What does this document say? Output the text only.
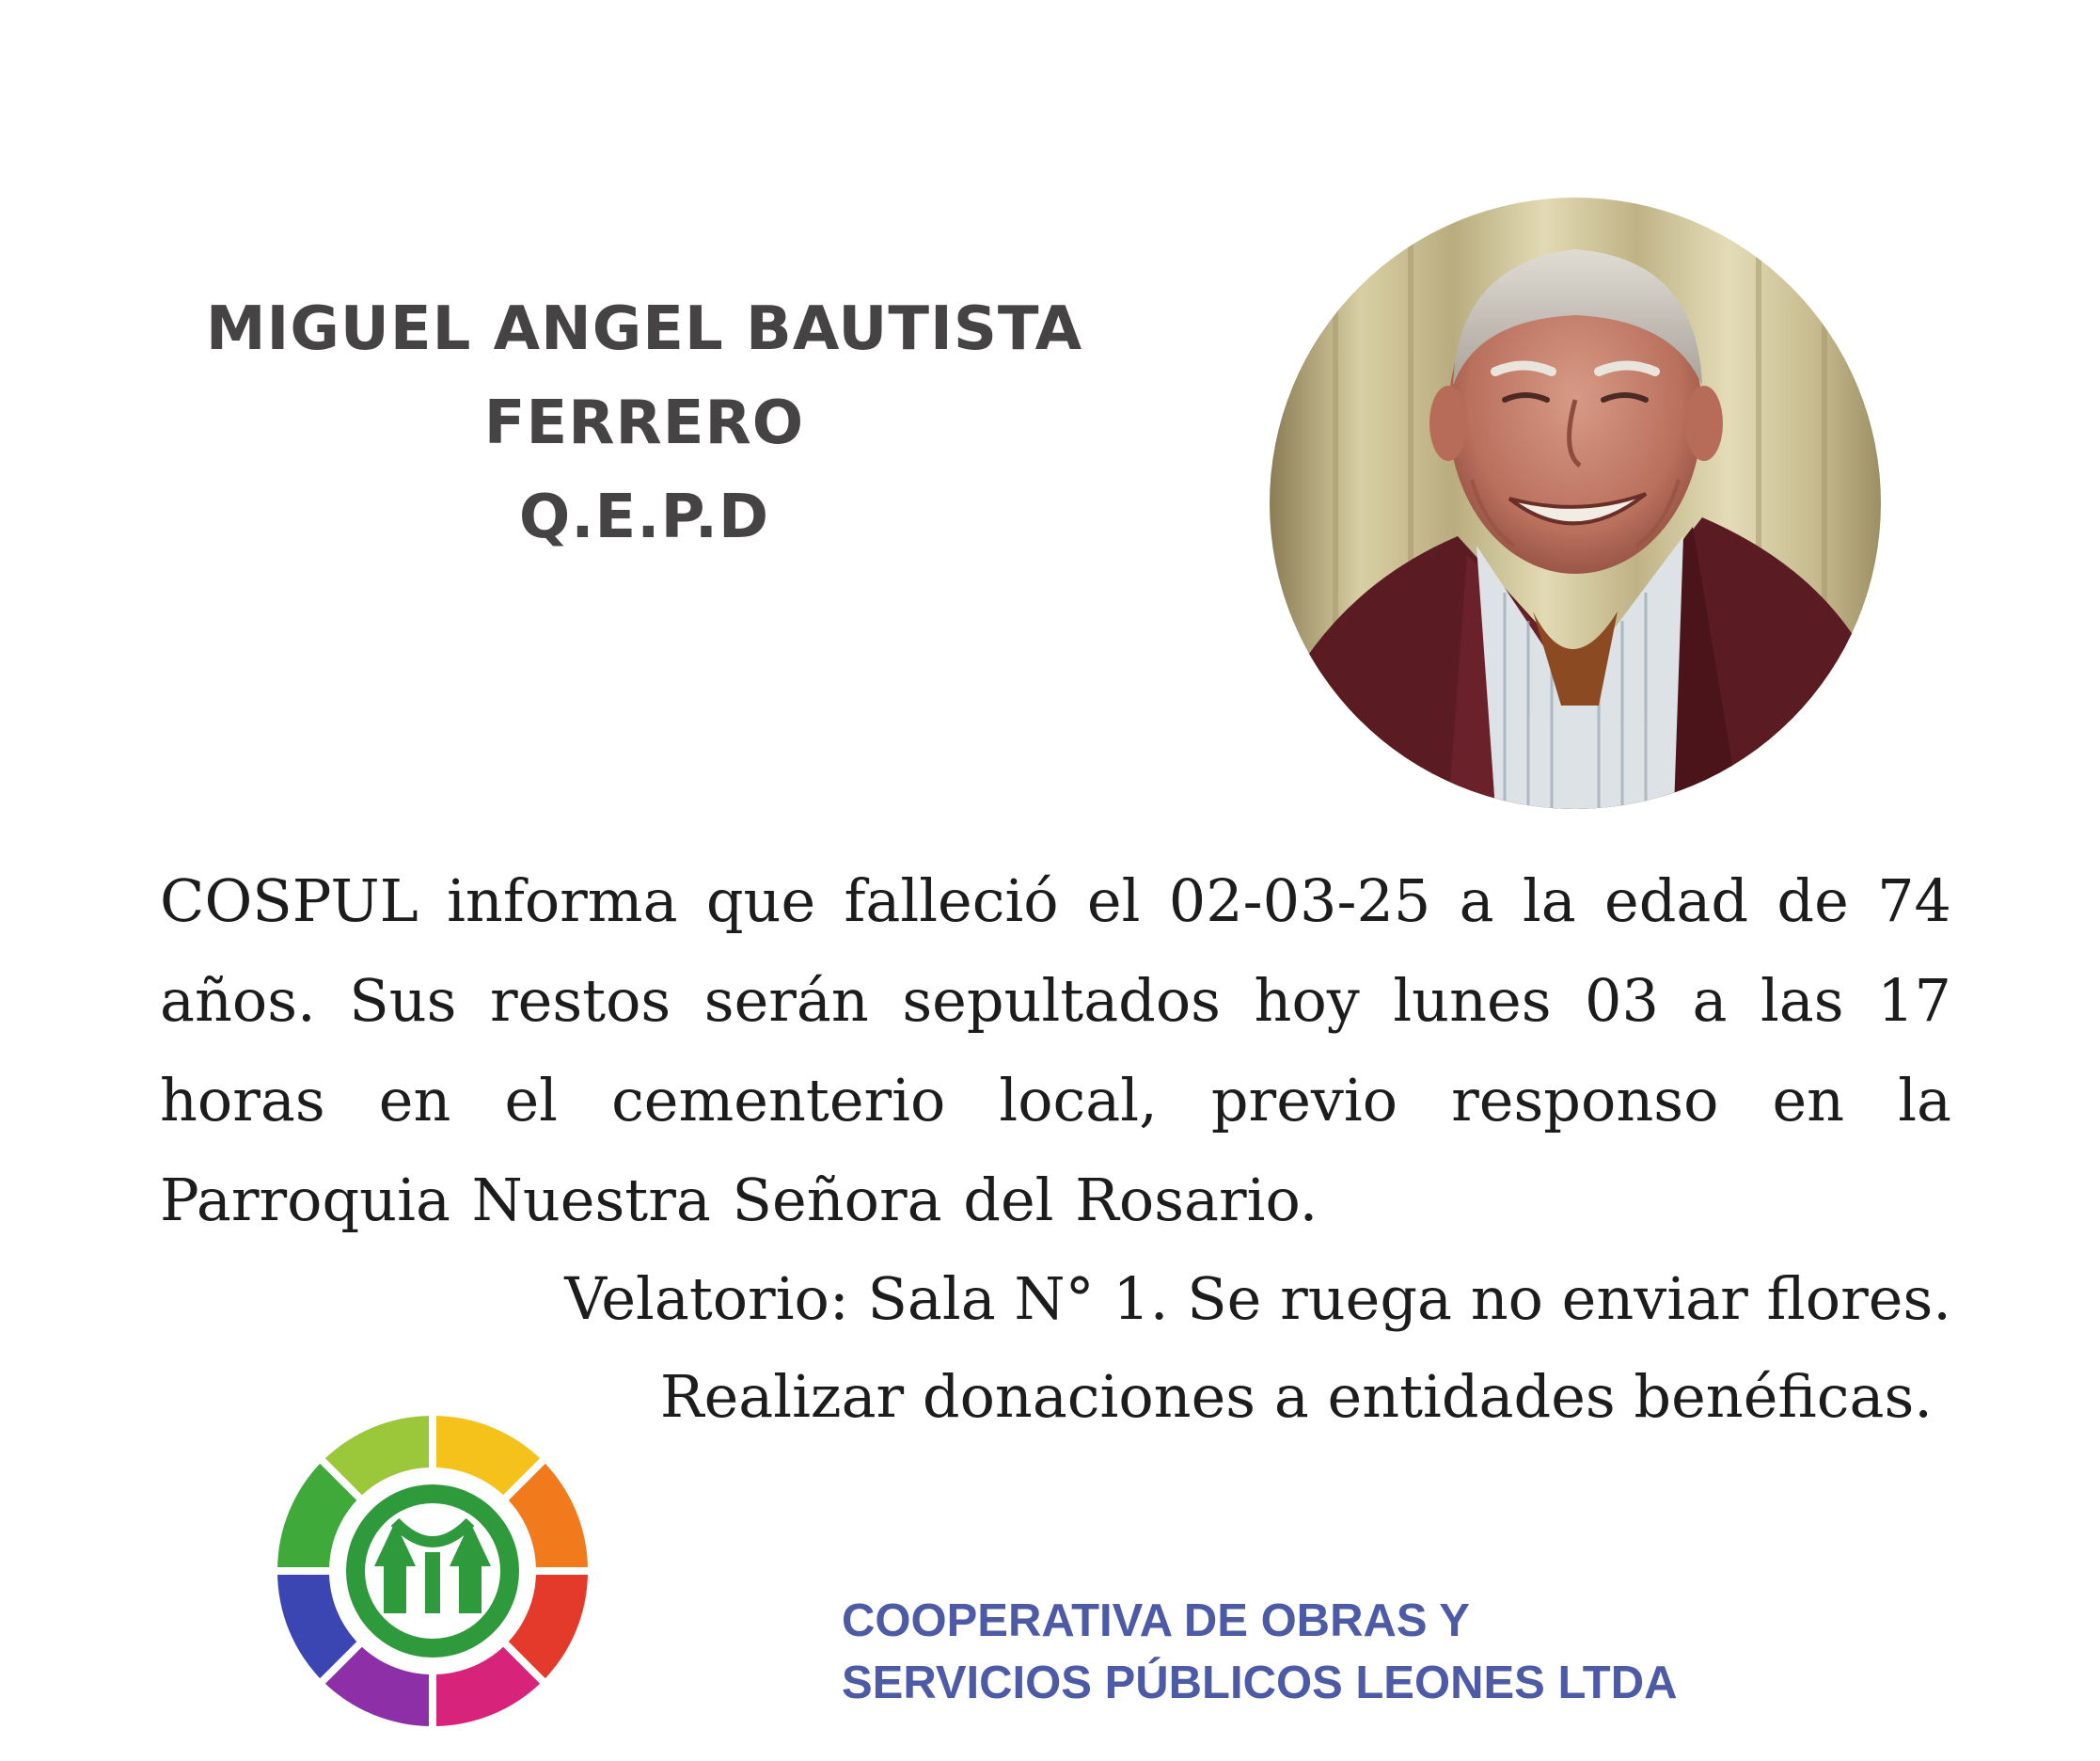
MIGUEL ANGEL BAUTISTA
FERRERO
Q.E.P.D
COSPUL informa que falleció el 02-03-25 a la edad de 74 años. Sus restos serán sepultados hoy lunes 03 a las 17 horas en el cementerio local, previo responso en la Parroquia Nuestra Señora del Rosario.
Velatorio: Sala N° 1. Se ruega no enviar flores.
Realizar donaciones a entidades benéficas.
COOPERATIVA DE OBRAS Y
SERVICIOS PÚBLICOS LEONES LTDA
